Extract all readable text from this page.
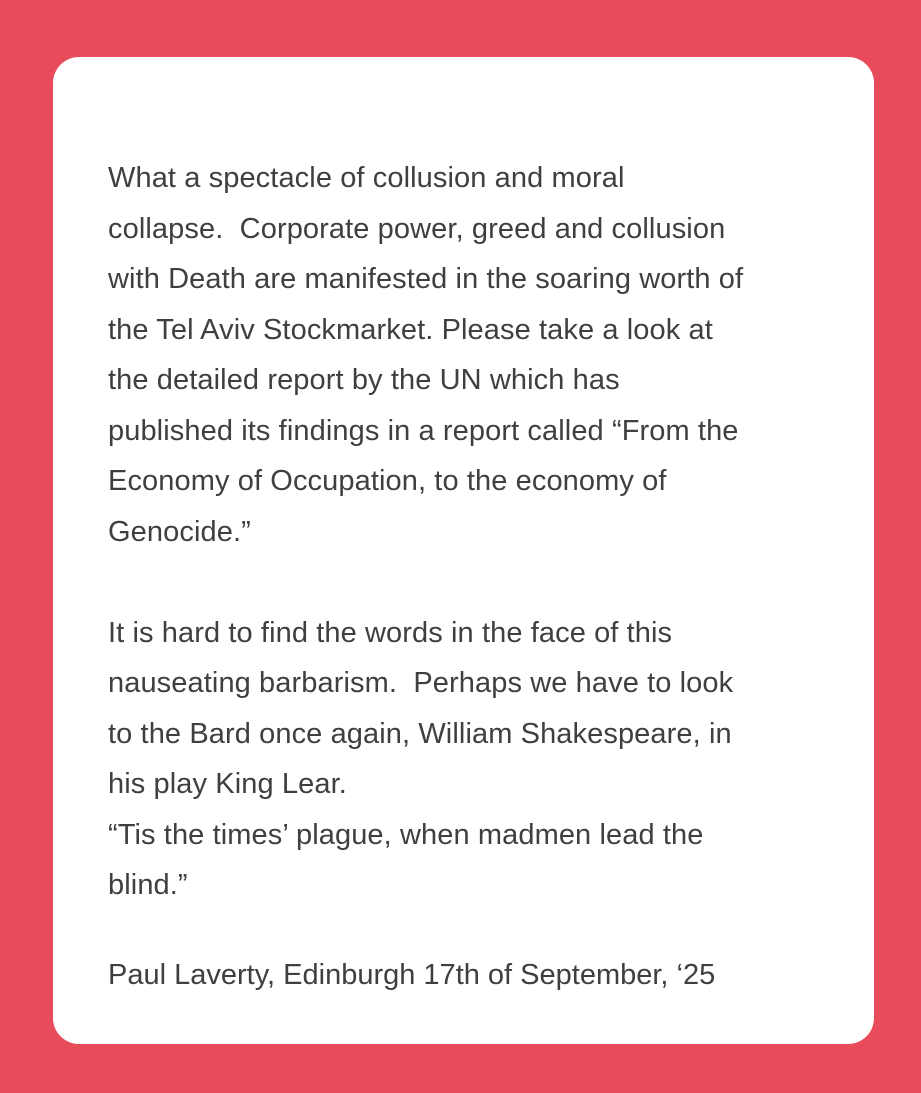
What a spectacle of collusion and moral
collapse.  Corporate power, greed and collusion
with Death are manifested in the soaring worth of
the Tel Aviv Stockmarket. Please take a look at
the detailed report by the UN which has
published its findings in a report called “From the
Economy of Occupation, to the economy of
Genocide.”
It is hard to find the words in the face of this
nauseating barbarism.  Perhaps we have to look
to the Bard once again, William Shakespeare, in
his play King Lear.
“Tis the times’ plague, when madmen lead the
blind.”
Paul Laverty, Edinburgh 17th of September, ‘25
